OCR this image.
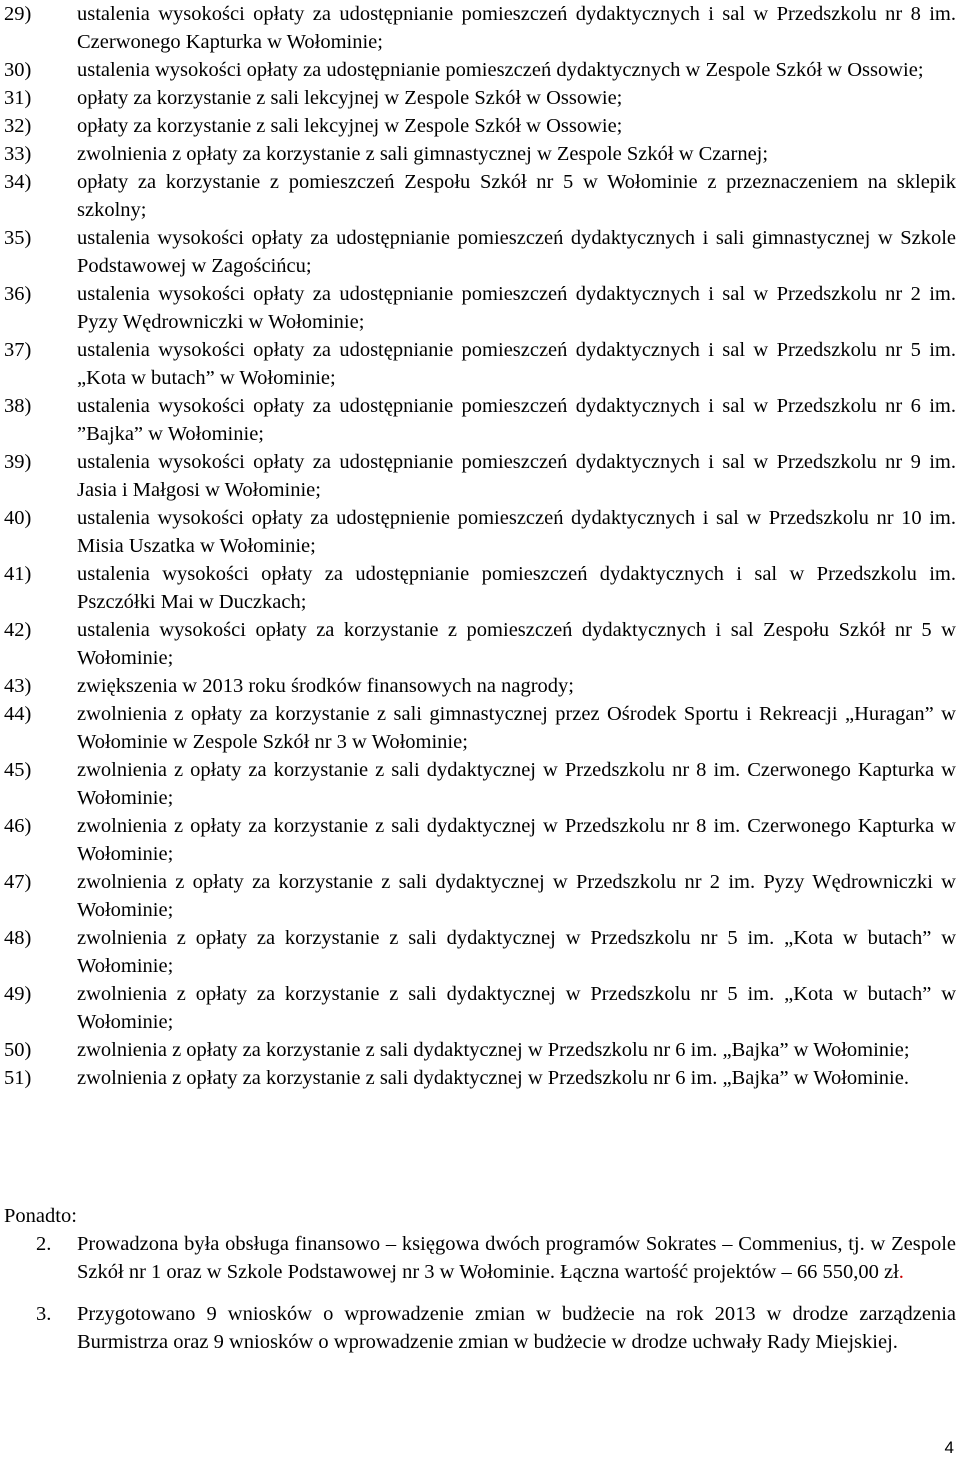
29) ustalenia wysokości opłaty za udostępnianie pomieszczeń dydaktycznych i sal w Przedszkolu nr 8 im. Czerwonego Kapturka w Wołominie;
30) ustalenia wysokości opłaty za udostępnianie pomieszczeń dydaktycznych w Zespole Szkół w Ossowie;
31) opłaty za korzystanie z sali lekcyjnej w Zespole Szkół w Ossowie;
32) opłaty za korzystanie z sali lekcyjnej w Zespole Szkół w Ossowie;
33) zwolnienia z opłaty za korzystanie z sali gimnastycznej w Zespole Szkół w Czarnej;
34) opłaty za korzystanie z pomieszczeń Zespołu Szkół nr 5 w Wołominie z przeznaczeniem na sklepik szkolny;
35) ustalenia wysokości opłaty za udostępnianie pomieszczeń dydaktycznych i sali gimnastycznej w Szkole Podstawowej w Zagościńcu;
36) ustalenia wysokości opłaty za udostępnianie pomieszczeń dydaktycznych i sal w Przedszkolu nr 2 im. Pyzy Wędrowniczki w Wołominie;
37) ustalenia wysokości opłaty za udostępnianie pomieszczeń dydaktycznych i sal w Przedszkolu nr 5 im. „Kota w butach” w Wołominie;
38) ustalenia wysokości opłaty za udostępnianie pomieszczeń dydaktycznych i sal w Przedszkolu nr 6 im. ”Bajka” w Wołominie;
39) ustalenia wysokości opłaty za udostępnianie pomieszczeń dydaktycznych i sal w Przedszkolu nr 9 im. Jasia i Małgosi w Wołominie;
40) ustalenia wysokości opłaty za udostępnienie pomieszczeń dydaktycznych i sal w Przedszkolu nr 10 im. Misia Uszatka w Wołominie;
41) ustalenia wysokości opłaty za udostępnianie pomieszczeń dydaktycznych i sal w Przedszkolu im. Pszczółki Mai w Duczkach;
42) ustalenia wysokości opłaty za korzystanie z pomieszczeń dydaktycznych i sal Zespołu Szkół nr 5 w Wołominie;
43) zwiększenia w 2013 roku środków finansowych na nagrody;
44) zwolnienia z opłaty za korzystanie z sali gimnastycznej przez Ośrodek Sportu i Rekreacji „Huragan” w Wołominie w Zespole Szkół nr 3 w Wołominie;
45) zwolnienia z opłaty za korzystanie z sali dydaktycznej w Przedszkolu nr 8 im. Czerwonego Kapturka w Wołominie;
46) zwolnienia z opłaty za korzystanie z sali dydaktycznej w Przedszkolu nr 8 im. Czerwonego Kapturka w Wołominie;
47) zwolnienia z opłaty za korzystanie z sali dydaktycznej w Przedszkolu nr 2 im. Pyzy Wędrowniczki w Wołominie;
48) zwolnienia z opłaty za korzystanie z sali dydaktycznej w Przedszkolu nr 5 im. „Kota w butach” w Wołominie;
49) zwolnienia z opłaty za korzystanie z sali dydaktycznej w Przedszkolu nr 5 im. „Kota w butach” w Wołominie;
50) zwolnienia z opłaty za korzystanie z sali dydaktycznej w Przedszkolu nr 6 im. „Bajka” w Wołominie;
51) zwolnienia z opłaty za korzystanie z sali dydaktycznej w Przedszkolu nr 6 im. „Bajka” w Wołominie.
Ponadto:
2. Prowadzona była obsługa finansowo – księgowa dwóch programów Sokrates – Commenius, tj. w Zespole Szkół nr 1 oraz w Szkole Podstawowej nr 3 w Wołominie. Łączna wartość projektów – 66 550,00 zł.
3. Przygotowano 9 wniosków o wprowadzenie zmian w budżecie na rok 2013 w drodze zarządzenia Burmistrza oraz 9 wniosków o wprowadzenie zmian w budżecie w drodze uchwały Rady Miejskiej.
4
